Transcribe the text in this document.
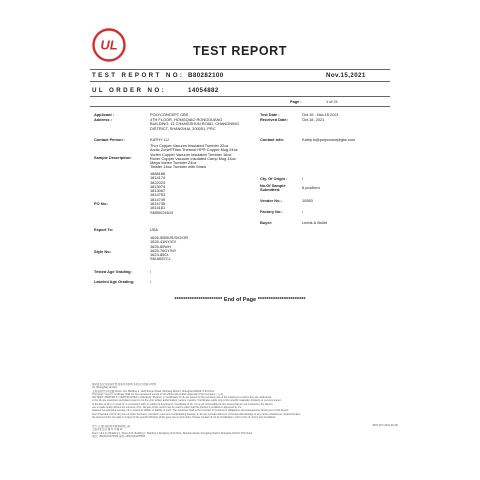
UL	TEST REPORT
TEST REPORT NO: B80282100	Nov.15,2021
UL ORDER NO:	14054882
Page :	1 of 21
Applicant :	POLYCONCEPT GBS
Address :	4TH FLOOR, HONGQIAO RONGGUANG
BUILDING, 11 CHANGSHUN ROAD, CHANGNING
DISTRICT, SHANGHAI, 200051, PRC
Contact Person :	KATHY LU
Sample Description:
Thor Copper Vacuum Insulated Tumbler 22oz
Arctic Zone®Titan Thermal HP® Copper Mug 24oz
Vortex Copper Vacuum Insulated Tumbler 16oz
Rover Copper Vacuum Insulated Camp Mug 14oz
Mega Vortex Tumbler 24oz
Twister 16oz Tumbler with Straw
PO No.:
1868186
1814174
1822024
1813074
1813067
1814753
1814749
1814738
1814181
SM00024510
Export To:	USA
Style No:
1626-50BK/R/S/G/OR
1626-41NY/GY
1625-60WH
1625-76GY/NY
1623-85CL
SM-6657CL
Tested Age Grading:	/
Labeled Age Grading:	/
Test Date :	Oct.16 - Nov.15,2021
Received Date:	Oct.18, 2021
Contact Info:	Kathy.lu@polyconceptgbs.com
Cty. Of Origin :	/
No.Of Sample
Submitted:	6 pcs/item
Vendor No.:	10583
Factory No.:	/
Buyer:	Leeds & Bullet
********************** End of Page **********************
测试报告仅对来样负责 除非另有说明 本报告不得部分复制
UL (Shanghai) Limited
上海市闵行区申富路 Room 101, Building 1, 1120 Shenfu Road, Minhang District, Shanghai 201108, P.R.China
This letter / report / certificate shall not be reproduced except in full without the written approval of the Company. / 公司
LETTERS / REPORTS / CERTIFICATES ( collectively 'Reports' ) / Certificates of UL are issued for the exclusive use of the Customer to whom they are addressed.
in the UL are customers permitted except to UL the prior written authorization. Letters / reports / Certificates apply only to the specific materials, products or services tested.
or the like so UL is a result of, in connection with, or related to any Report / Certificate of UL. UL is not responsible for any issues that are not covered by the Report.
use is made solely without the consent of UL. No part of this report may be used to claim that the product is certified or approved by UL.
believes not extended overlap, UL's maximum liability or liability of such. The Customer shall in the Contract of Customer's obligations, all consequences arising out of this Report.
been Provided, but for any loss of profit, business, contracts, revenues or anticipating savings, or for any special indirect or consequential damage of any nature whatsoever, shall be limited
the amount of the fee paid in respect of the specific Work(s) which gave rise to such claim. Please contact UL for its Certification, refer to the UL Terms and Conditions.
优力 (上海) 测试技术服务有限公司
上海市松江区 第 号 号楼 1F
Floor 1 & 2 & 3 Building 1, Room 101, Building 1, Building 2 Dongfeng Tech Park, Sheshan Road, Songjiang District Shanghai 201617 P.R.China
电话: +86(21)61376300 传真: +86(21)61378300
RMT-407 (2019-09-15)
